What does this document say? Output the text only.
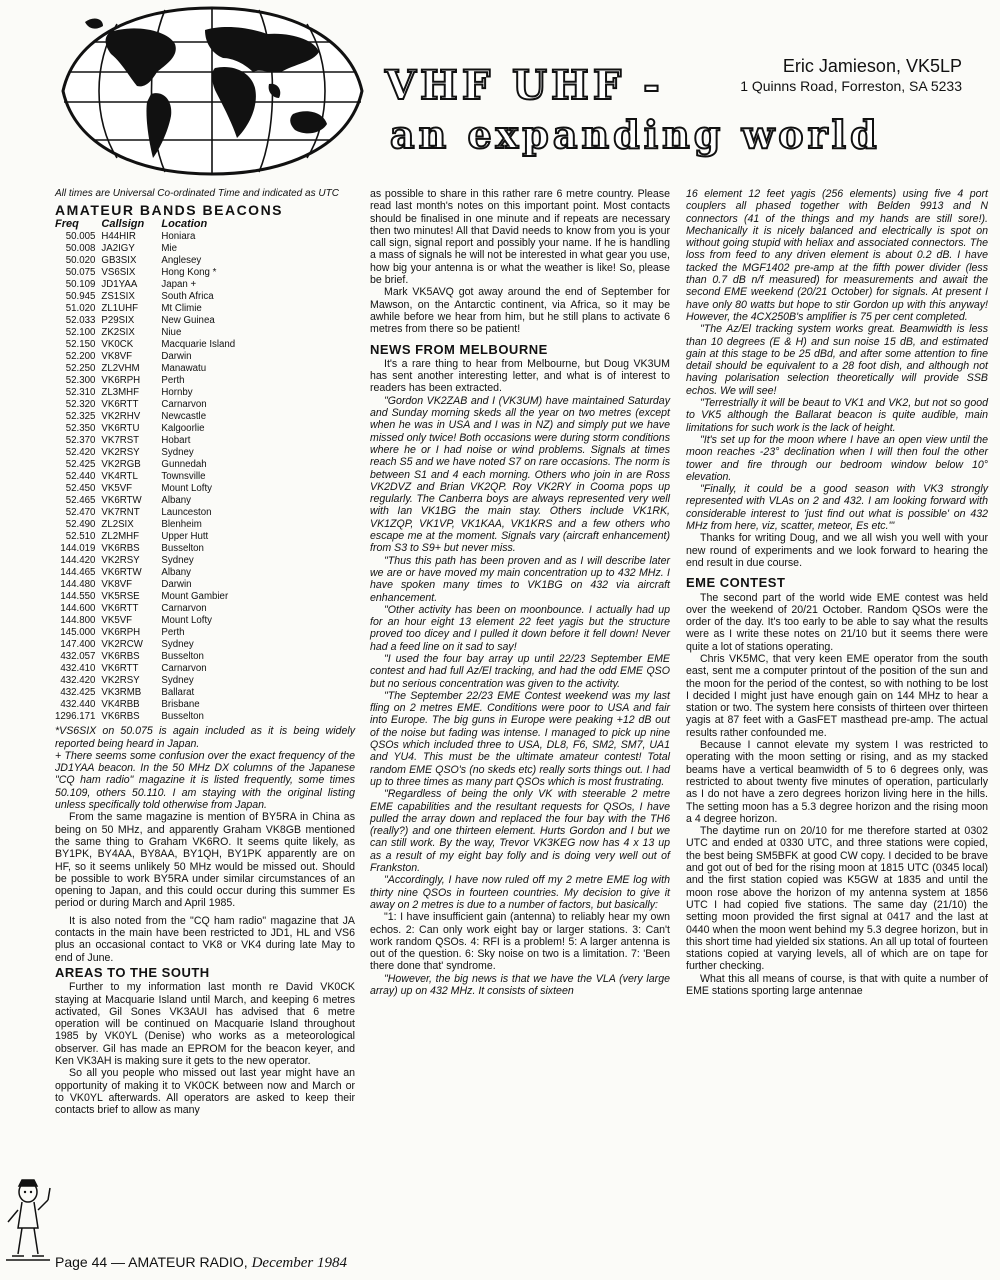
VHF UHF -
an expanding world
Eric Jamieson, VK5LP
1 Quinns Road, Forreston, SA 5233

All times are Universal Co-ordinated Time and indicated as UTC

AMATEUR BANDS BEACONS
Freq	Callsign	Location
50.005	H44HIR	Honiara
50.008	JA2IGY	Mie
50.020	GB3SIX	Anglesey
50.075	VS6SIX	Hong Kong *
50.109	JD1YAA	Japan +
50.945	ZS1SIX	South Africa
51.020	ZL1UHF	Mt Climie
52.033	P29SIX	New Guinea
52.100	ZK2SIX	Niue
52.150	VK0CK	Macquarie Island
52.200	VK8VF	Darwin
52.250	ZL2VHM	Manawatu
52.300	VK6RPH	Perth
52.310	ZL3MHF	Hornby
52.320	VK6RTT	Carnarvon
52.325	VK2RHV	Newcastle
52.350	VK6RTU	Kalgoorlie
52.370	VK7RST	Hobart
52.420	VK2RSY	Sydney
52.425	VK2RGB	Gunnedah
52.440	VK4RTL	Townsville
52.450	VK5VF	Mount Lofty
52.465	VK6RTW	Albany
52.470	VK7RNT	Launceston
52.490	ZL2SIX	Blenheim
52.510	ZL2MHF	Upper Hutt
144.019	VK6RBS	Busselton
144.420	VK2RSY	Sydney
144.465	VK6RTW	Albany
144.480	VK8VF	Darwin
144.550	VK5RSE	Mount Gambier
144.600	VK6RTT	Carnarvon
144.800	VK5VF	Mount Lofty
145.000	VK6RPH	Perth
147.400	VK2RCW	Sydney
432.057	VK6RBS	Busselton
432.410	VK6RTT	Carnarvon
432.420	VK2RSY	Sydney
432.425	VK3RMB	Ballarat
432.440	VK4RBB	Brisbane
1296.171	VK6RBS	Busselton

*VS6SIX on 50.075 is again included as it is being widely reported being heard in Japan.

+ There seems some confusion over the exact frequency of the JD1YAA beacon. In the 50 MHz DX columns of the Japanese "CQ ham radio" magazine it is listed frequently, some times 50.109, others 50.110. I am staying with the original listing unless specifically told otherwise from Japan.

From the same magazine is mention of BY5RA in China as being on 50 MHz, and apparently Graham VK8GB mentioned the same thing to Graham VK6RO. It seems quite likely, as BY1PK, BY4AA, BY8AA, BY1QH, BY1PK apparently are on HF, so it seems unlikely 50 MHz would be missed out. Should be possible to work BY5RA under similar circumstances of an opening to Japan, and this could occur during this summer Es period or during March and April 1985.

It is also noted from the "CQ ham radio" magazine that JA contacts in the main have been restricted to JD1, HL and VS6 plus an occasional contact to VK8 or VK4 during late May to end of June.

AREAS TO THE SOUTH

Further to my information last month re David VK0CK staying at Macquarie Island until March, and keeping 6 metres activated, Gil Sones VK3AUI has advised that 6 metre operation will be continued on Macquarie Island throughout 1985 by VK0YL (Denise) who works as a meteorological observer. Gil has made an EPROM for the beacon keyer, and Ken VK3AH is making sure it gets to the new operator.

So all you people who missed out last year might have an opportunity of making it to VK0CK between now and March or to VK0YL afterwards. All operators are asked to keep their contacts brief to allow as many

as possible to share in this rather rare 6 metre country. Please read last month's notes on this important point. Most contacts should be finalised in one minute and if repeats are necessary then two minutes! All that David needs to know from you is your call sign, signal report and possibly your name. If he is handling a mass of signals he will not be interested in what gear you use, how big your antenna is or what the weather is like! So, please be brief.

Mark VK5AVQ got away around the end of September for Mawson, on the Antarctic continent, via Africa, so it may be awhile before we hear from him, but he still plans to activate 6 metres from there so be patient!

NEWS FROM MELBOURNE

It's a rare thing to hear from Melbourne, but Doug VK3UM has sent another interesting letter, and what is of interest to readers has been extracted.

"Gordon VK2ZAB and I (VK3UM) have maintained Saturday and Sunday morning skeds all the year on two metres (except when he was in USA and I was in NZ) and simply put we have missed only twice! Both occasions were during storm conditions where he or I had noise or wind problems. Signals at times reach S5 and we have noted S7 on rare occasions. The norm is between S1 and 4 each morning. Others who join in are Ross VK2DVZ and Brian VK2QP. Roy VK2RY in Cooma pops up regularly. The Canberra boys are always represented very well with Ian VK1BG the main stay. Others include VK1RK, VK1ZQP, VK1VP, VK1KAA, VK1KRS and a few others who escape me at the moment. Signals vary (aircraft enhancement) from S3 to S9+ but never miss.

"Thus this path has been proven and as I will describe later we are or have moved my main concentration up to 432 MHz. I have spoken many times to VK1BG on 432 via aircraft enhancement.

"Other activity has been on moonbounce. I actually had up for an hour eight 13 element 22 feet yagis but the structure proved too dicey and I pulled it down before it fell down! Never had a feed line on it sad to say!

"I used the four bay array up until 22/23 September EME contest and had full Az/El tracking, and had the odd EME QSO but no serious concentration was given to the activity.

"The September 22/23 EME Contest weekend was my last fling on 2 metres EME. Conditions were poor to USA and fair into Europe. The big guns in Europe were peaking +12 dB out of the noise but fading was intense. I managed to pick up nine QSOs which included three to USA, DL8, F6, SM2, SM7, UA1 and YU4. This must be the ultimate amateur contest! Total random EME QSO's (no skeds etc) really sorts things out. I had up to three times as many part QSOs which is most frustrating.

"Regardless of being the only VK with steerable 2 metre EME capabilities and the resultant requests for QSOs, I have pulled the array down and replaced the four bay with the TH6 (really?) and one thirteen element. Hurts Gordon and I but we can still work. By the way, Trevor VK3KEG now has 4 x 13 up as a result of my eight bay folly and is doing very well out of Frankston.

"Accordingly, I have now ruled off my 2 metre EME log with thirty nine QSOs in fourteen countries. My decision to give it away on 2 metres is due to a number of factors, but basically:

"1: I have insufficient gain (antenna) to reliably hear my own echos. 2: Can only work eight bay or larger stations. 3: Can't work random QSOs. 4: RFI is a problem! 5: A larger antenna is out of the question. 6: Sky noise on two is a limitation. 7: 'Been there done that' syndrome.

"However, the big news is that we have the VLA (very large array) up on 432 MHz. It consists of sixteen

16 element 12 feet yagis (256 elements) using five 4 port couplers all phased together with Belden 9913 and N connectors (41 of the things and my hands are still sore!). Mechanically it is nicely balanced and electrically is spot on without going stupid with heliax and associated connectors. The loss from feed to any driven element is about 0.2 dB. I have tacked the MGF1402 pre-amp at the fifth power divider (less than 0.7 dB n/f measured) for measurements and await the second EME weekend (20/21 October) for signals. At present I have only 80 watts but hope to stir Gordon up with this anyway! However, the 4CX250B's amplifier is 75 per cent completed.

"The Az/El tracking system works great. Beamwidth is less than 10 degrees (E & H) and sun noise 15 dB, and estimated gain at this stage to be 25 dBd, and after some attention to fine detail should be equivalent to a 28 foot dish, and although not having polarisation selection theoretically will provide SSB echos. We will see!

"Terrestrially it will be beaut to VK1 and VK2, but not so good to VK5 although the Ballarat beacon is quite audible, main limitations for such work is the lack of height.

"It's set up for the moon where I have an open view until the moon reaches -23° declination when I will then foul the other tower and fire through our bedroom window below 10° elevation.

"Finally, it could be a good season with VK3 strongly represented with VLAs on 2 and 432. I am looking forward with considerable interest to 'just find out what is possible' on 432 MHz from here, viz, scatter, meteor, Es etc.'"

Thanks for writing Doug, and we all wish you well with your new round of experiments and we look forward to hearing the end result in due course.

EME CONTEST

The second part of the world wide EME contest was held over the weekend of 20/21 October. Random QSOs were the order of the day. It's too early to be able to say what the results were as I write these notes on 21/10 but it seems there were quite a lot of stations operating.

Chris VK5MC, that very keen EME operator from the south east, sent me a computer printout of the position of the sun and the moon for the period of the contest, so with nothing to be lost I decided I might just have enough gain on 144 MHz to hear a station or two. The system here consists of thirteen over thirteen yagis at 87 feet with a GasFET masthead pre-amp. The actual results rather confounded me.

Because I cannot elevate my system I was restricted to operating with the moon setting or rising, and as my stacked beams have a vertical beamwidth of 5 to 6 degrees only, was restricted to about twenty five minutes of operation, particularly as I do not have a zero degrees horizon living here in the hills. The setting moon has a 5.3 degree horizon and the rising moon a 4 degree horizon.

The daytime run on 20/10 for me therefore started at 0302 UTC and ended at 0330 UTC, and three stations were copied, the best being SM5BFK at good CW copy. I decided to be brave and got out of bed for the rising moon at 1815 UTC (0345 local) and the first station copied was K5GW at 1835 and until the moon rose above the horizon of my antenna system at 1856 UTC I had copied five stations. The same day (21/10) the setting moon provided the first signal at 0417 and the last at 0440 when the moon went behind my 5.3 degree horizon, but in this short time had yielded six stations. An all up total of fourteen stations copied at varying levels, all of which are on tape for further checking.

What this all means of course, is that with quite a number of EME stations sporting large antennae

Page 44 — AMATEUR RADIO, December 1984
